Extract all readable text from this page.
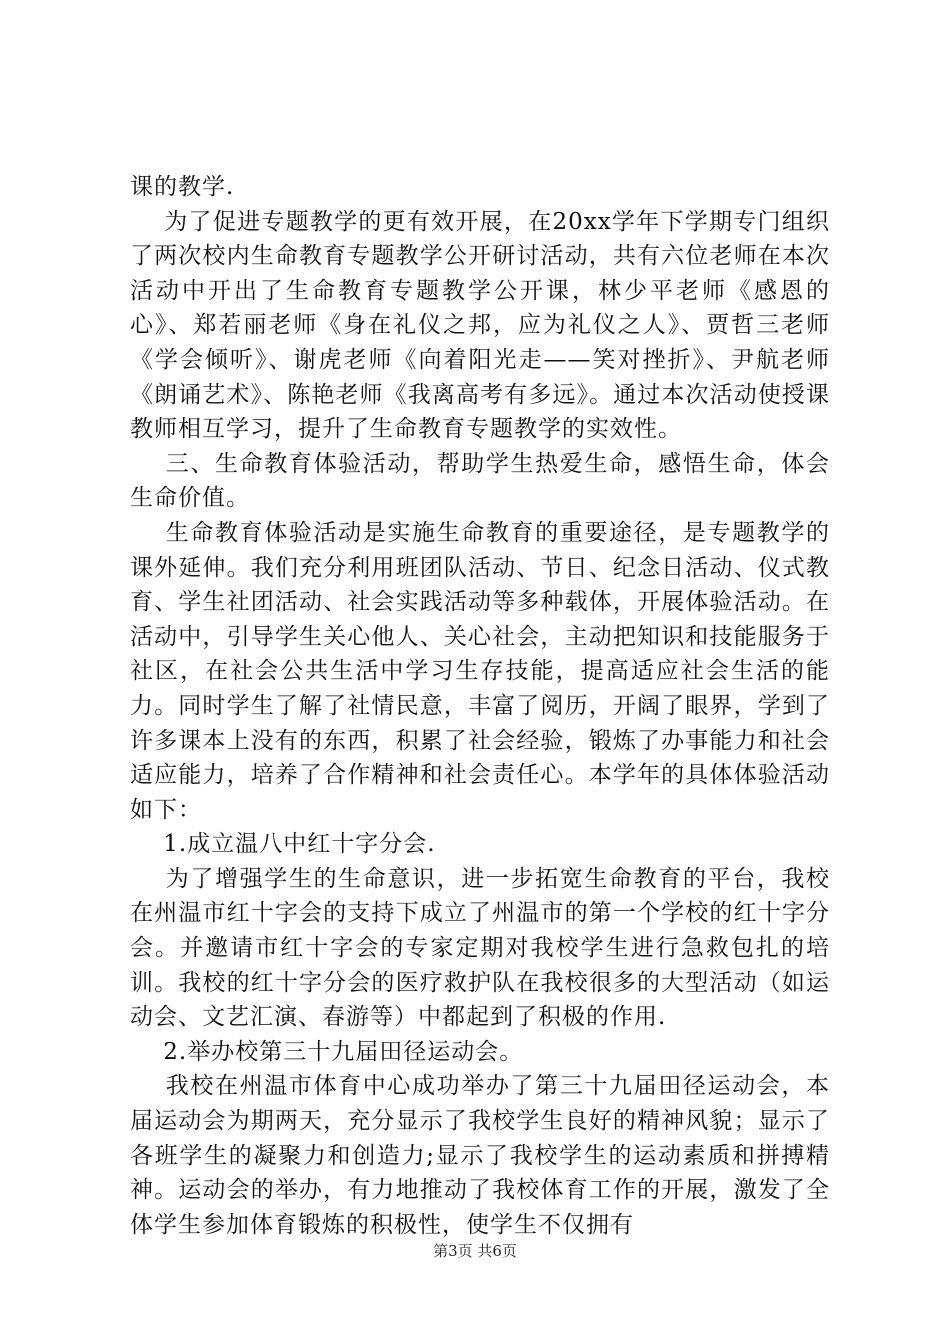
课的教学.

为了促进专题教学的更有效开展，在20xx学年下学期专门组织了两次校内生命教育专题教学公开研讨活动，共有六位老师在本次活动中开出了生命教育专题教学公开课，林少平老师《感恩的心》、郑若丽老师《身在礼仪之邦，应为礼仪之人》、贾哲三老师《学会倾听》、谢虎老师《向着阳光走——笑对挫折》、尹航老师《朗诵艺术》、陈艳老师《我离高考有多远》。通过本次活动使授课教师相互学习，提升了生命教育专题教学的实效性。

三、生命教育体验活动，帮助学生热爱生命，感悟生命，体会生命价值。

生命教育体验活动是实施生命教育的重要途径，是专题教学的课外延伸。我们充分利用班团队活动、节日、纪念日活动、仪式教育、学生社团活动、社会实践活动等多种载体，开展体验活动。在活动中，引导学生关心他人、关心社会，主动把知识和技能服务于社区，在社会公共生活中学习生存技能，提高适应社会生活的能力。同时学生了解了社情民意，丰富了阅历，开阔了眼界，学到了许多课本上没有的东西，积累了社会经验，锻炼了办事能力和社会适应能力，培养了合作精神和社会责任心。本学年的具体体验活动如下：

1.成立温八中红十字分会.

为了增强学生的生命意识，进一步拓宽生命教育的平台，我校在州温市红十字会的支持下成立了州温市的第一个学校的红十字分会。并邀请市红十字会的专家定期对我校学生进行急救包扎的培训。我校的红十字分会的医疗救护队在我校很多的大型活动（如运动会、文艺汇演、春游等）中都起到了积极的作用.

2.举办校第三十九届田径运动会。

我校在州温市体育中心成功举办了第三十九届田径运动会，本届运动会为期两天，充分显示了我校学生良好的精神风貌；显示了各班学生的凝聚力和创造力;显示了我校学生的运动素质和拼搏精神。运动会的举办，有力地推动了我校体育工作的开展，激发了全体学生参加体育锻炼的积极性，使学生不仅拥有

第3页 共6页
